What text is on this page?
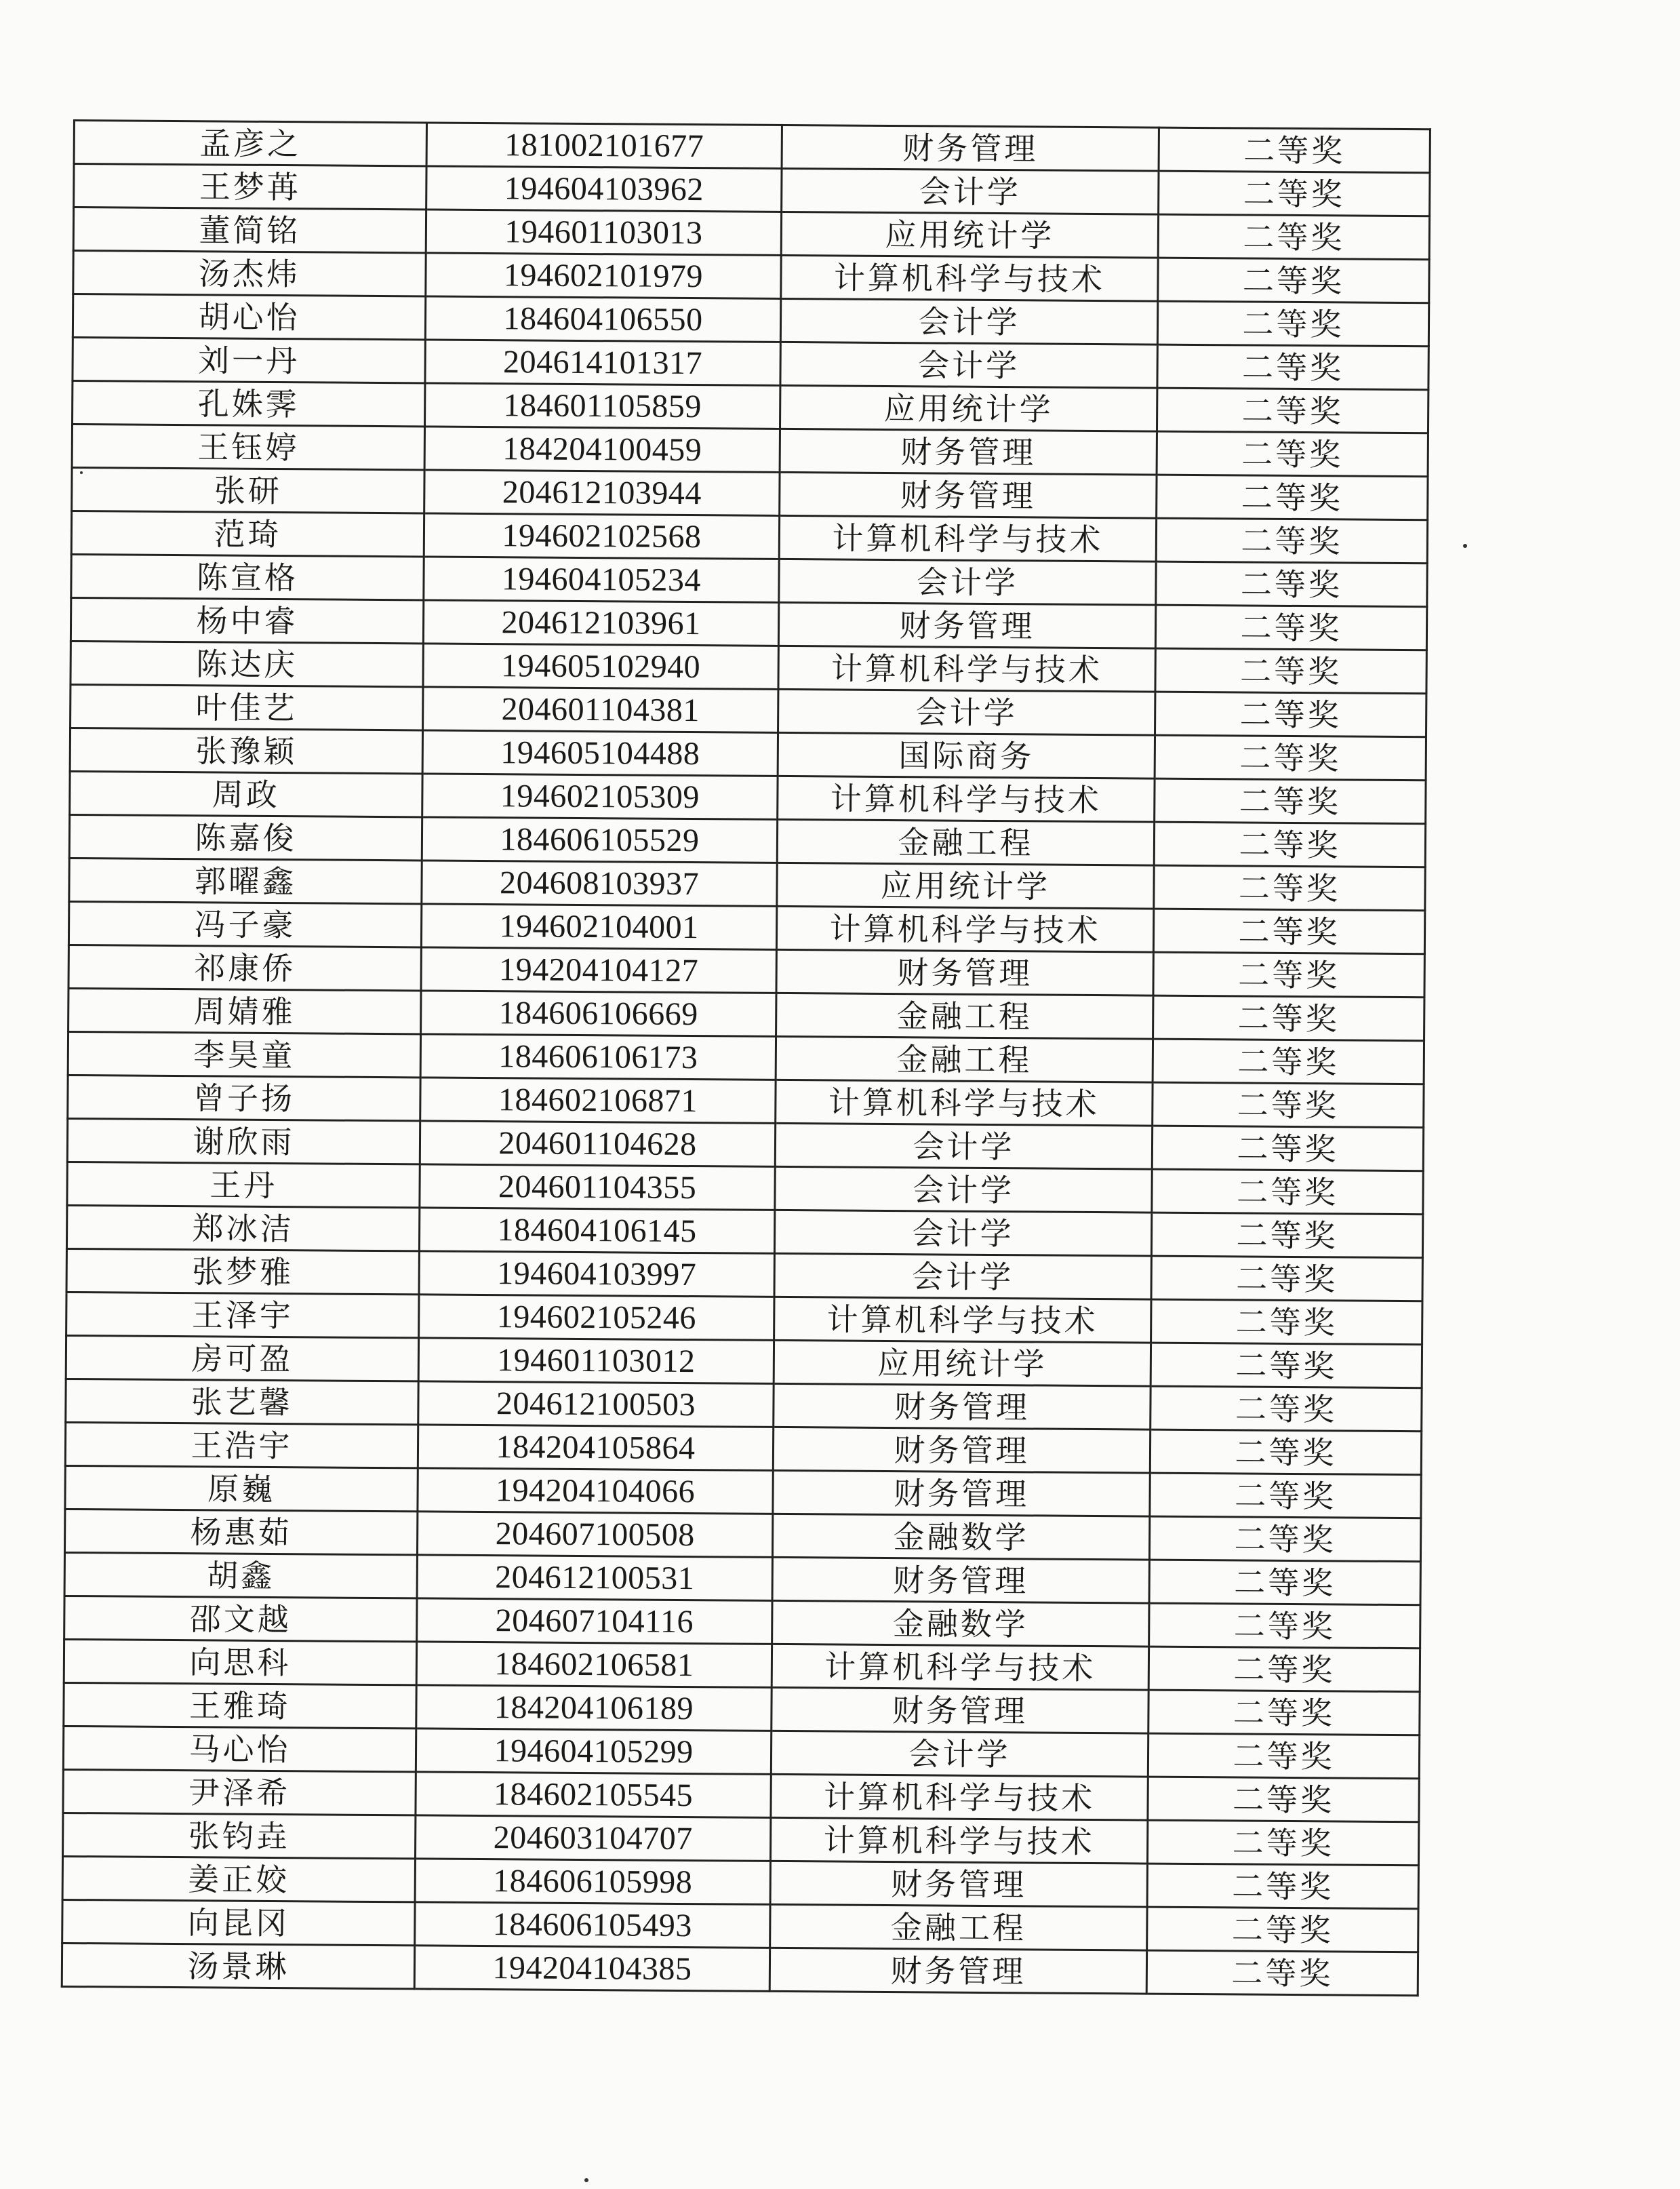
孟彦之	181002101677	财务管理	二等奖
王梦苒	194604103962	会计学	二等奖
董简铭	194601103013	应用统计学	二等奖
汤杰炜	194602101979	计算机科学与技术	二等奖
胡心怡	184604106550	会计学	二等奖
刘一丹	204614101317	会计学	二等奖
孔姝霁	184601105859	应用统计学	二等奖
王钰婷	184204100459	财务管理	二等奖
张研	204612103944	财务管理	二等奖
范琦	194602102568	计算机科学与技术	二等奖
陈宣格	194604105234	会计学	二等奖
杨中睿	204612103961	财务管理	二等奖
陈达庆	194605102940	计算机科学与技术	二等奖
叶佳艺	204601104381	会计学	二等奖
张豫颖	194605104488	国际商务	二等奖
周政	194602105309	计算机科学与技术	二等奖
陈嘉俊	184606105529	金融工程	二等奖
郭曜鑫	204608103937	应用统计学	二等奖
冯子豪	194602104001	计算机科学与技术	二等奖
祁康侨	194204104127	财务管理	二等奖
周婧雅	184606106669	金融工程	二等奖
李昊童	184606106173	金融工程	二等奖
曾子扬	184602106871	计算机科学与技术	二等奖
谢欣雨	204601104628	会计学	二等奖
王丹	204601104355	会计学	二等奖
郑冰洁	184604106145	会计学	二等奖
张梦雅	194604103997	会计学	二等奖
王泽宇	194602105246	计算机科学与技术	二等奖
房可盈	194601103012	应用统计学	二等奖
张艺馨	204612100503	财务管理	二等奖
王浩宇	184204105864	财务管理	二等奖
原巍	194204104066	财务管理	二等奖
杨惠茹	204607100508	金融数学	二等奖
胡鑫	204612100531	财务管理	二等奖
邵文越	204607104116	金融数学	二等奖
向思科	184602106581	计算机科学与技术	二等奖
王雅琦	184204106189	财务管理	二等奖
马心怡	194604105299	会计学	二等奖
尹泽希	184602105545	计算机科学与技术	二等奖
张钧垚	204603104707	计算机科学与技术	二等奖
姜正姣	184606105998	财务管理	二等奖
向昆冈	184606105493	金融工程	二等奖
汤景琳	194204104385	财务管理	二等奖
